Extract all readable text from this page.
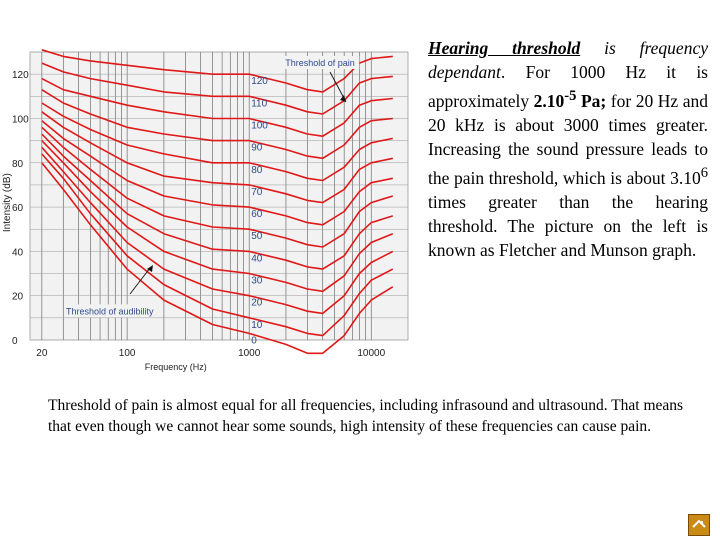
0
20
40
60
80
100
120
20	100	1000	10000
Frequency (Hz)
Intensity (dB)
120
110
100
90
80
70
60
50
40
30
20
10
0
Threshold of pain
Threshold of audibility

Hearing threshold is frequency dependant. For 1000 Hz it is approximately $2.10^{-5}$ Pa; for 20 Hz and 20 kHz is about 3000 times greater. Increasing the sound pressure leads to the pain threshold, which is about 3.10$^6$ times greater than the hearing threshold. The picture on the left is known as Fletcher and Munson graph.

Threshold of pain is almost equal for all frequencies, including infrasound and ultrasound. That means that even though we cannot hear some sounds, high intensity of these frequencies can cause pain.
